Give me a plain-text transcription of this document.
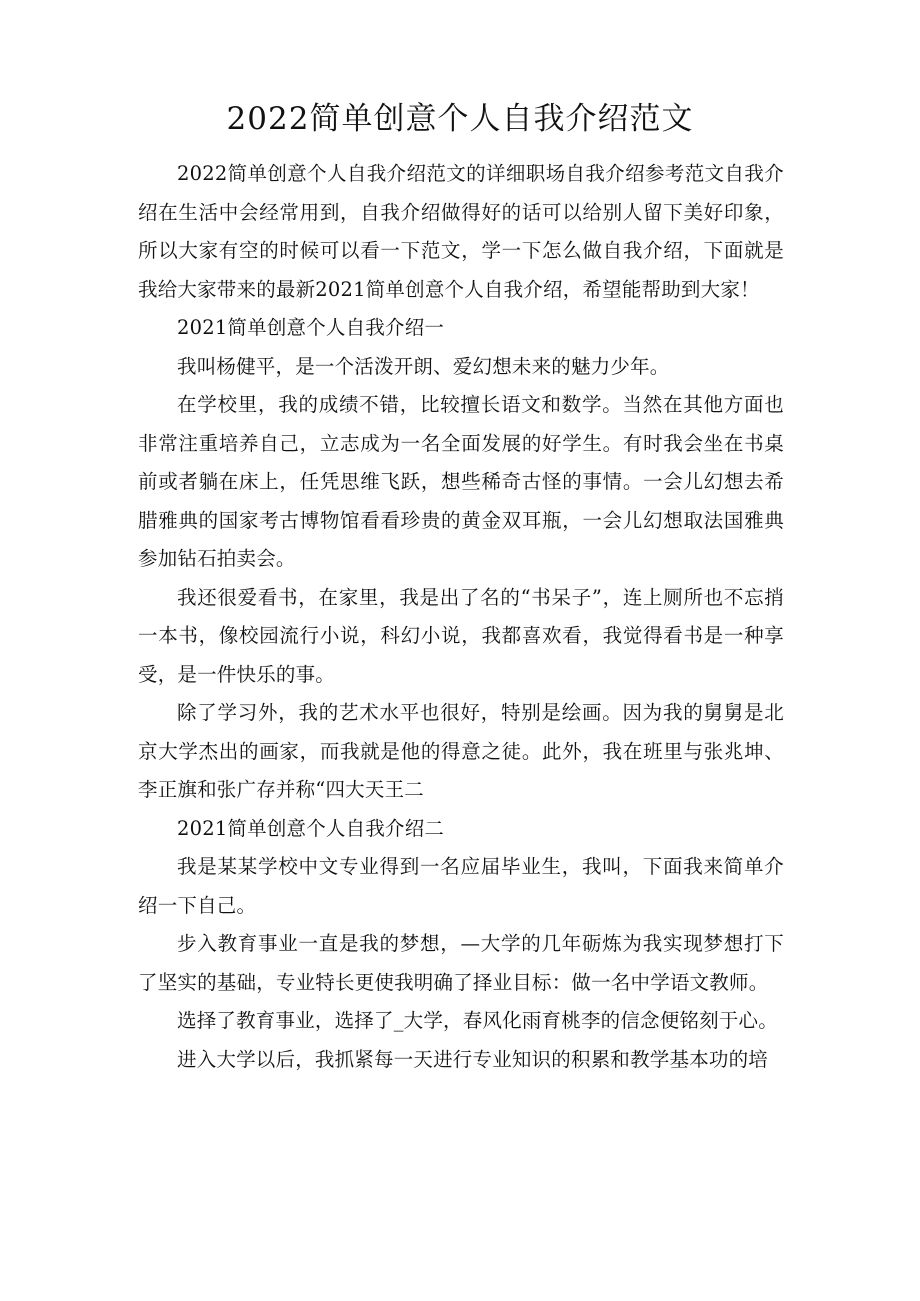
2022简单创意个人自我介绍范文

2022简单创意个人自我介绍范文的详细职场自我介绍参考范文自我介绍在生活中会经常用到，自我介绍做得好的话可以给别人留下美好印象，所以大家有空的时候可以看一下范文，学一下怎么做自我介绍，下面就是我给大家带来的最新2021简单创意个人自我介绍，希望能帮助到大家！

2021简单创意个人自我介绍一

我叫杨健平，是一个活泼开朗、爱幻想未来的魅力少年。

在学校里，我的成绩不错，比较擅长语文和数学。当然在其他方面也非常注重培养自己，立志成为一名全面发展的好学生。有时我会坐在书桌前或者躺在床上，任凭思维飞跃，想些稀奇古怪的事情。一会儿幻想去希腊雅典的国家考古博物馆看看珍贵的黄金双耳瓶，一会儿幻想取法国雅典参加钻石拍卖会。

我还很爱看书，在家里，我是出了名的“书呆子”，连上厕所也不忘捎一本书，像校园流行小说，科幻小说，我都喜欢看，我觉得看书是一种享受，是一件快乐的事。

除了学习外，我的艺术水平也很好，特别是绘画。因为我的舅舅是北京大学杰出的画家，而我就是他的得意之徒。此外，我在班里与张兆坤、李正旗和张广存并称“四大天王二

2021简单创意个人自我介绍二

我是某某学校中文专业得到一名应届毕业生，我叫，下面我来简单介绍一下自己。

步入教育事业一直是我的梦想，—大学的几年砺炼为我实现梦想打下了坚实的基础，专业特长更使我明确了择业目标：做一名中学语文教师。

选择了教育事业，选择了_大学，春风化雨育桃李的信念便铭刻于心。

进入大学以后，我抓紧每一天进行专业知识的积累和教学基本功的培
